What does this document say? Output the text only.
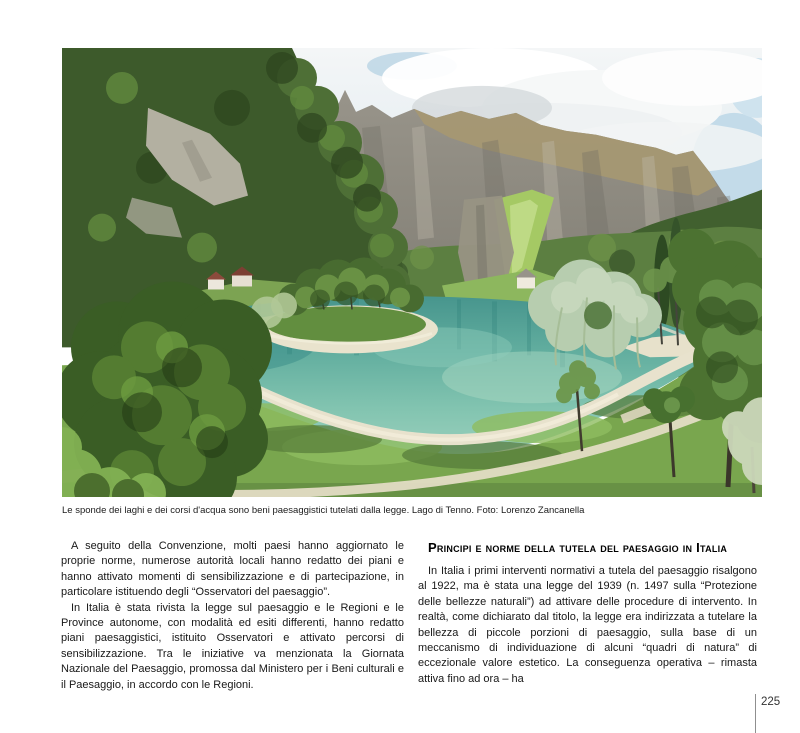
Le sponde dei laghi e dei corsi d'acqua sono beni paesaggistici tutelati dalla legge. Lago di Tenno. Foto: Lorenzo Zancanella

A seguito della Convenzione, molti paesi hanno aggiornato le proprie norme, numerose autorità locali hanno redatto dei piani e hanno attivato momenti di sensibilizzazione e di partecipazione, in particolare istituendo degli “Osservatori del paesaggio”.

In Italia è stata rivista la legge sul paesaggio e le Regioni e le Province autonome, con modalità ed esiti differenti, hanno redatto piani paesaggistici, istituito Osservatori e attivato percorsi di sensibilizzazione. Tra le iniziative va menzionata la Giornata Nazionale del Paesaggio, promossa dal Ministero per i Beni culturali e il Paesaggio, in accordo con le Regioni.

Principi e norme della tutela del paesaggio in Italia

In Italia i primi interventi normativi a tutela del paesaggio risalgono al 1922, ma è stata una legge del 1939 (n. 1497 sulla “Protezione delle bellezze naturali”) ad attivare delle procedure di intervento. In realtà, come dichiarato dal titolo, la legge era indirizzata a tutelare la bellezza di piccole porzioni di paesaggio, sulla base di un meccanismo di individuazione di alcuni “quadri di natura” di eccezionale valore estetico. La conseguenza operativa – rimasta attiva fino ad ora – ha

225
